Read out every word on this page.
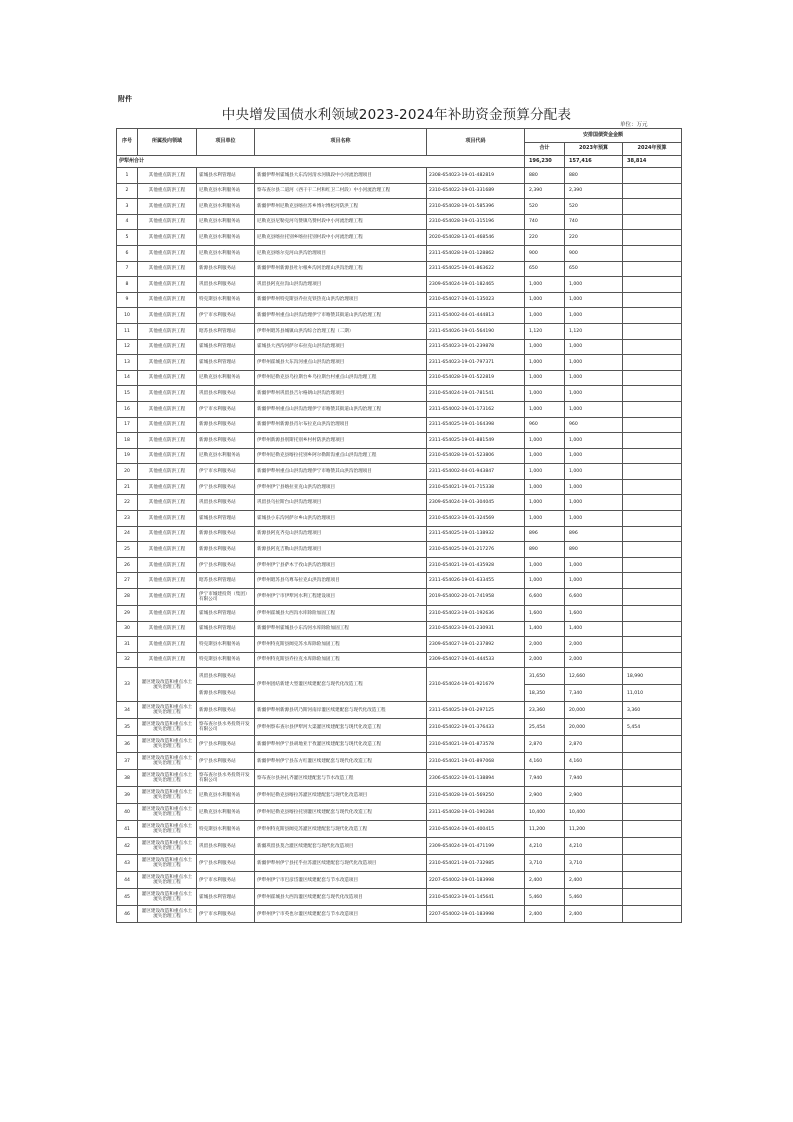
附件
中央增发国债水利领域2023-2024年补助资金预算分配表
单位：万元
序号	所属投向领域	项目单位	项目名称	项目代码	安排国债资金金额		
					合计	2023年预算	2024年预算
伊犁州合计					196,230	157,416	38,814
1	其他重点防洪工程	霍城县水利管理站	新疆伊犁州霍城县大东沟河清水河镇段中小河流治理项目	2308-654023-19-01-482819	880	880	
2	其他重点防洪工程	尼勒克县水利服务站	察布查尔县二道河（西干干二村和红卫二村段）中小河流治理工程	2310-654022-19-01-331689	2,390	2,390	
3	其他重点防洪工程	尼勒克县水利服务站	新疆伊犁州尼勒克县喀拉苏乡博尔博松河防洪工程	2310-654028-19-01-585396	520	520	
4	其他重点防洪工程	尼勒克县水利服务站	尼勒克县尼勒克河乌赞镇乌赞村段中小河流治理工程	2310-654028-19-01-315196	740	740	
5	其他重点防洪工程	尼勒克县水利服务站	尼勒克县喀拉托别乡喀拉托别村段中小河流治理工程	2020-654028-13-01-468546	220	220	
6	其他重点防洪工程	尼勒克县水利服务站	尼勒克县喀尔克河山洪沟治理项目	2311-654028-19-01-128862	900	900	
7	其他重点防洪工程	新源县水利服务站	新疆伊犁州新源县吐尔根乡沟河治理山洪沟治理工程	2311-654025-19-01-863622	650	650	
8	其他重点防洪工程	巩留县水利服务站	巩留县阿克拉沟山洪沟治理项目	2309-654024-19-01-182465	1,000	1,000	
9	其他重点防洪工程	特克斯县水利服务站	新疆伊犁州特克斯县乔拉克铁热克山洪沟治理项目	2310-654027-19-01-135023	1,000	1,000	
10	其他重点防洪工程	伊宁市水利服务站	新疆伊犁州重点山洪沟治理伊宁市喀赞其街道山洪沟治理工程	2311-654002-04-01-444813	1,000	1,000	
11	其他重点防洪工程	昭苏县水利管理站	伊犁州昭苏县城镇山洪沟综合治理工程（二期）	2311-654026-19-01-564190	1,120	1,120	
12	其他重点防洪工程	霍城县水利管理站	霍城县大西沟河萨尔布拉克山洪沟治理项目	2311-654023-19-01-239878	1,000	1,000	
13	其他重点防洪工程	霍城县水利管理站	伊犁州霍城县大东沟河重点山洪沟治理项目	2311-654023-19-01-797371	1,000	1,000	
14	其他重点防洪工程	尼勒克县水利服务站	伊犁州尼勒克县乌拉斯台乡乌拉斯台村重点山洪沟治理工程	2310-654028-19-01-522819	1,000	1,000	
15	其他重点防洪工程	巩留县水利服务站	新疆伊犁州巩留县吉尔格朗山洪沟治理项目	2310-654024-19-01-781541	1,000	1,000	
16	其他重点防洪工程	伊宁市水利服务站	新疆伊犁州重点山洪沟治理伊宁市喀赞其街道山洪沟治理工程	2311-654002-19-01-173162	1,000	1,000	
17	其他重点防洪工程	新源县水利服务站	新疆伊犁州新源县肖尔布拉克山洪沟治理项目	2311-654025-19-01-164398	960	960	
18	其他重点防洪工程	新源县水利服务站	伊犁州新源县别斯托别乡村村防洪治理项目	2311-654025-19-01-881549	1,000	1,000	
19	其他重点防洪工程	尼勒克县水利服务站	伊犁州尼勒克县喀拉托别乡阿尔勒斯沟重点山洪沟治理工程	2310-654028-19-01-523806	1,000	1,000	
20	其他重点防洪工程	伊宁市水利服务站	新疆伊犁州重点山洪沟治理伊宁市喀赞其山洪沟治理项目	2311-654002-04-01-943847	1,000	1,000	
21	其他重点防洪工程	伊宁县水利服务站	伊犁州伊宁县喀拉亚克山洪沟治理项目	2310-654021-19-01-715338	1,000	1,000	
22	其他重点防洪工程	巩留县水利服务站	巩留县乌拉斯台山洪沟治理项目	2309-654024-19-01-304045	1,000	1,000	
23	其他重点防洪工程	霍城县水利管理站	霍城县小东沟河萨尔乡山洪沟治理项目	2310-654023-19-01-324569	1,000	1,000	
24	其他重点防洪工程	新源县水利服务站	新源县阿克齐克山洪沟治理项目	2311-654025-19-01-138932	896	896	
25	其他重点防洪工程	新源县水利服务站	新源县阿克吉勒山洪沟治理项目	2310-654025-19-01-217276	890	890	
26	其他重点防洪工程	伊宁县水利服务站	伊犁州伊宁县萨木于孜山洪沟治理项目	2310-654021-19-01-435928	1,000	1,000	
27	其他重点防洪工程	昭苏县水利管理站	伊犁州昭苏县乌尊布拉克山洪沟治理项目	2311-654026-19-01-633455	1,000	1,000	
28	其他重点防洪工程	伊宁市城建投资（集团）有限公司	伊犁州伊宁市伊犁河水利工程建设项目	2019-654002-20-01-741958	6,600	6,600	
29	其他重点防洪工程	霍城县水利管理站	伊犁州霍城县大西沟水库除险加固工程	2310-654023-19-01-192636	1,600	1,600	
30	其他重点防洪工程	霍城县水利管理站	新疆伊犁州霍城县小东沟河水库除险加固工程	2310-654023-19-01-230931	1,400	1,400	
31	其他重点防洪工程	特克斯县水利服务站	伊犁州特克斯县阔克苏水库除险加固工程	2309-654027-19-01-237892	2,000	2,000	
32	其他重点防洪工程	特克斯县水利服务站	伊犁州特克斯县乔拉克水库除险加固工程	2309-654027-19-01-444533	2,000	2,000	
33	灌区建设改造和重点水土流失治理工程	巩留县水利服务站	伊犁州团结新建大型灌区续建配套与现代化改造工程	2310-654024-19-01-921679	31,650	12,660	18,990
		新源县水利服务站			18,350	7,340	11,010
34	灌区建设改造和重点水土流失治理工程	新源县水利服务站	新疆伊犁州新源县巩乃斯河南岸灌区续建配套与现代化改造工程	2311-654025-19-01-297125	23,360	20,000	3,360
35	灌区建设改造和重点水土流失治理工程	察布查尔县水务投资开发有限公司	伊犁州察布查尔县伊犁河大渠灌区续建配套与现代化改造工程	2310-654022-19-01-376433	25,454	20,000	5,454
36	灌区建设改造和重点水土流失治理工程	伊宁县水利服务站	新疆伊犁州伊宁县胡地亚于孜灌区续建配套与现代化改造工程	2310-654021-19-01-873578	2,870	2,870	
37	灌区建设改造和重点水土流失治理工程	伊宁县水利服务站	新疆伊犁州伊宁县东方红灌区续建配套与现代化改造工程	2310-654021-19-01-897068	4,160	4,160	
38	灌区建设改造和重点水土流失治理工程	察布查尔县水务投资开发有限公司	察布查尔县孙扎齐灌区续建配套与节水改造工程	2306-654022-19-01-138894	7,940	7,940	
39	灌区建设改造和重点水土流失治理工程	尼勒克县水利服务站	伊犁州尼勒克县喀拉苏灌区续建配套与现代化改造项目	2310-654028-19-01-569250	2,900	2,900	
40	灌区建设改造和重点水土流失治理工程	尼勒克县水利服务站	伊犁州尼勒克县喀拉托别灌区续建配套与现代化改造工程	2311-654028-19-01-190284	10,400	10,400	
41	灌区建设改造和重点水土流失治理工程	特克斯县水利服务站	伊犁州特克斯县阔克苏灌区续建配套与现代化改造工程	2310-654024-19-01-400415	11,200	11,200	
42	灌区建设改造和重点水土流失治理工程	巩留县水利服务站	新疆巩留县莫合灌区续建配套与现代化改造项目	2309-654024-19-01-471199	4,210	4,210	
43	灌区建设改造和重点水土流失治理工程	伊宁县水利服务站	新疆伊犁州伊宁县托乎拉苏灌区续建配套与现代化改造项目	2310-654021-19-01-732985	3,710	3,710	
44	灌区建设改造和重点水土流失治理工程	伊宁市水利服务站	伊犁州伊宁市巴彦岱灌区续建配套与节水改造项目	2207-654002-19-01-183998	2,400	2,400	
45	灌区建设改造和重点水土流失治理工程	霍城县水利管理站	伊犁州霍城县大西沟灌区续建配套与现代化改造项目	2310-654023-19-01-145641	5,460	5,460	
46	灌区建设改造和重点水土流失治理工程	伊宁市水利服务站	伊犁州伊宁市英也尔灌区续建配套与节水改造项目	2207-654002-19-01-183998	2,400	2,400	
